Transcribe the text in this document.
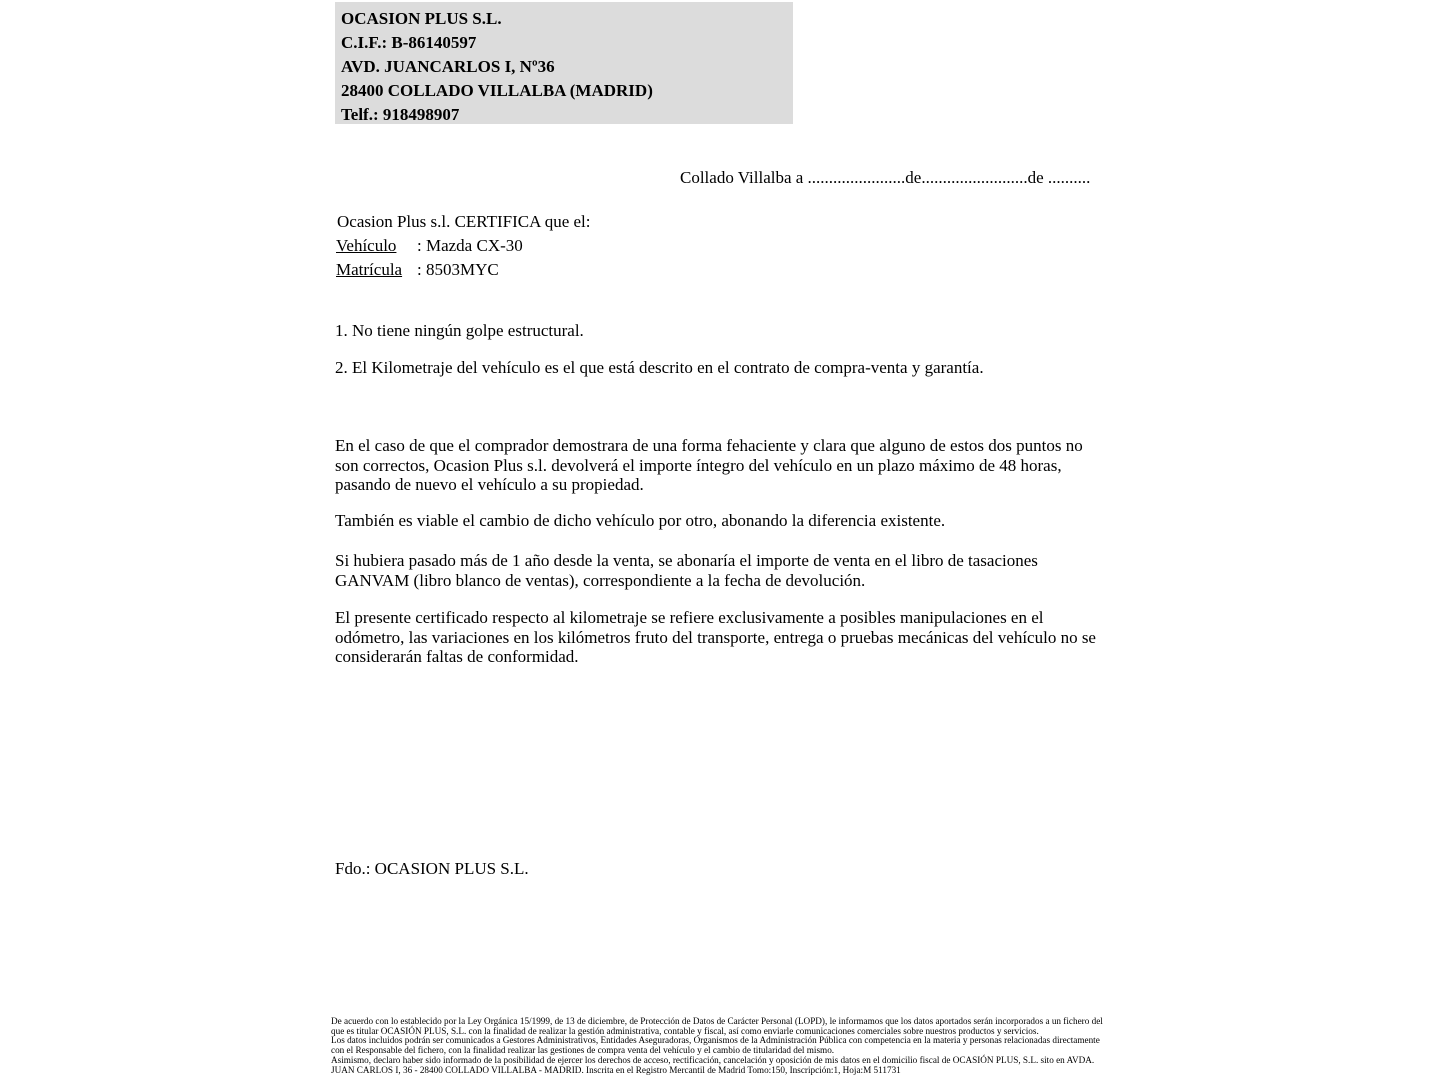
OCASION PLUS S.L.
C.I.F.: B-86140597
AVD. JUANCARLOS I, Nº36
28400 COLLADO VILLALBA (MADRID)
Telf.: 918498907
Collado Villalba a .......................de.........................de ..........
Ocasion Plus s.l. CERTIFICA que el:
Vehículo : Mazda CX-30
Matrícula : 8503MYC
1. No tiene ningún golpe estructural.
2. El Kilometraje del vehículo es el que está descrito en el contrato de compra-venta y garantía.
En el caso de que el comprador demostrara de una forma fehaciente y clara que alguno de estos dos puntos no son correctos, Ocasion Plus s.l. devolverá el importe íntegro del vehículo en un plazo máximo de 48 horas, pasando de nuevo el vehículo a su propiedad.
También es viable el cambio de dicho vehículo por otro, abonando la diferencia existente.
Si hubiera pasado más de 1 año desde la venta, se abonaría el importe de venta en el libro de tasaciones GANVAM (libro blanco de ventas), correspondiente a la fecha de devolución.
El presente certificado respecto al kilometraje se refiere exclusivamente a posibles manipulaciones en el odómetro, las variaciones en los kilómetros fruto del transporte, entrega o pruebas mecánicas del vehículo no se considerarán faltas de conformidad.
Fdo.: OCASION PLUS S.L.
De acuerdo con lo establecido por la Ley Orgánica 15/1999, de 13 de diciembre, de Protección de Datos de Carácter Personal (LOPD), le informamos que los datos aportados serán incorporados a un fichero del que es titular OCASIÓN PLUS, S.L. con la finalidad de realizar la gestión administrativa, contable y fiscal, así como enviarle comunicaciones comerciales sobre nuestros productos y servicios.
Los datos incluidos podrán ser comunicados a Gestores Administrativos, Entidades Aseguradoras, Organismos de la Administración Pública con competencia en la materia y personas relacionadas directamente con el Responsable del fichero, con la finalidad realizar las gestiones de compra venta del vehículo y el cambio de titularidad del mismo.
Asimismo, declaro haber sido informado de la posibilidad de ejercer los derechos de acceso, rectificación, cancelación y oposición de mis datos en el domicilio fiscal de OCASIÓN PLUS, S.L. sito en AVDA. JUAN CARLOS I, 36 - 28400 COLLADO VILLALBA - MADRID. Inscrita en el Registro Mercantil de Madrid Tomo:150, Inscripción:1, Hoja:M 511731
